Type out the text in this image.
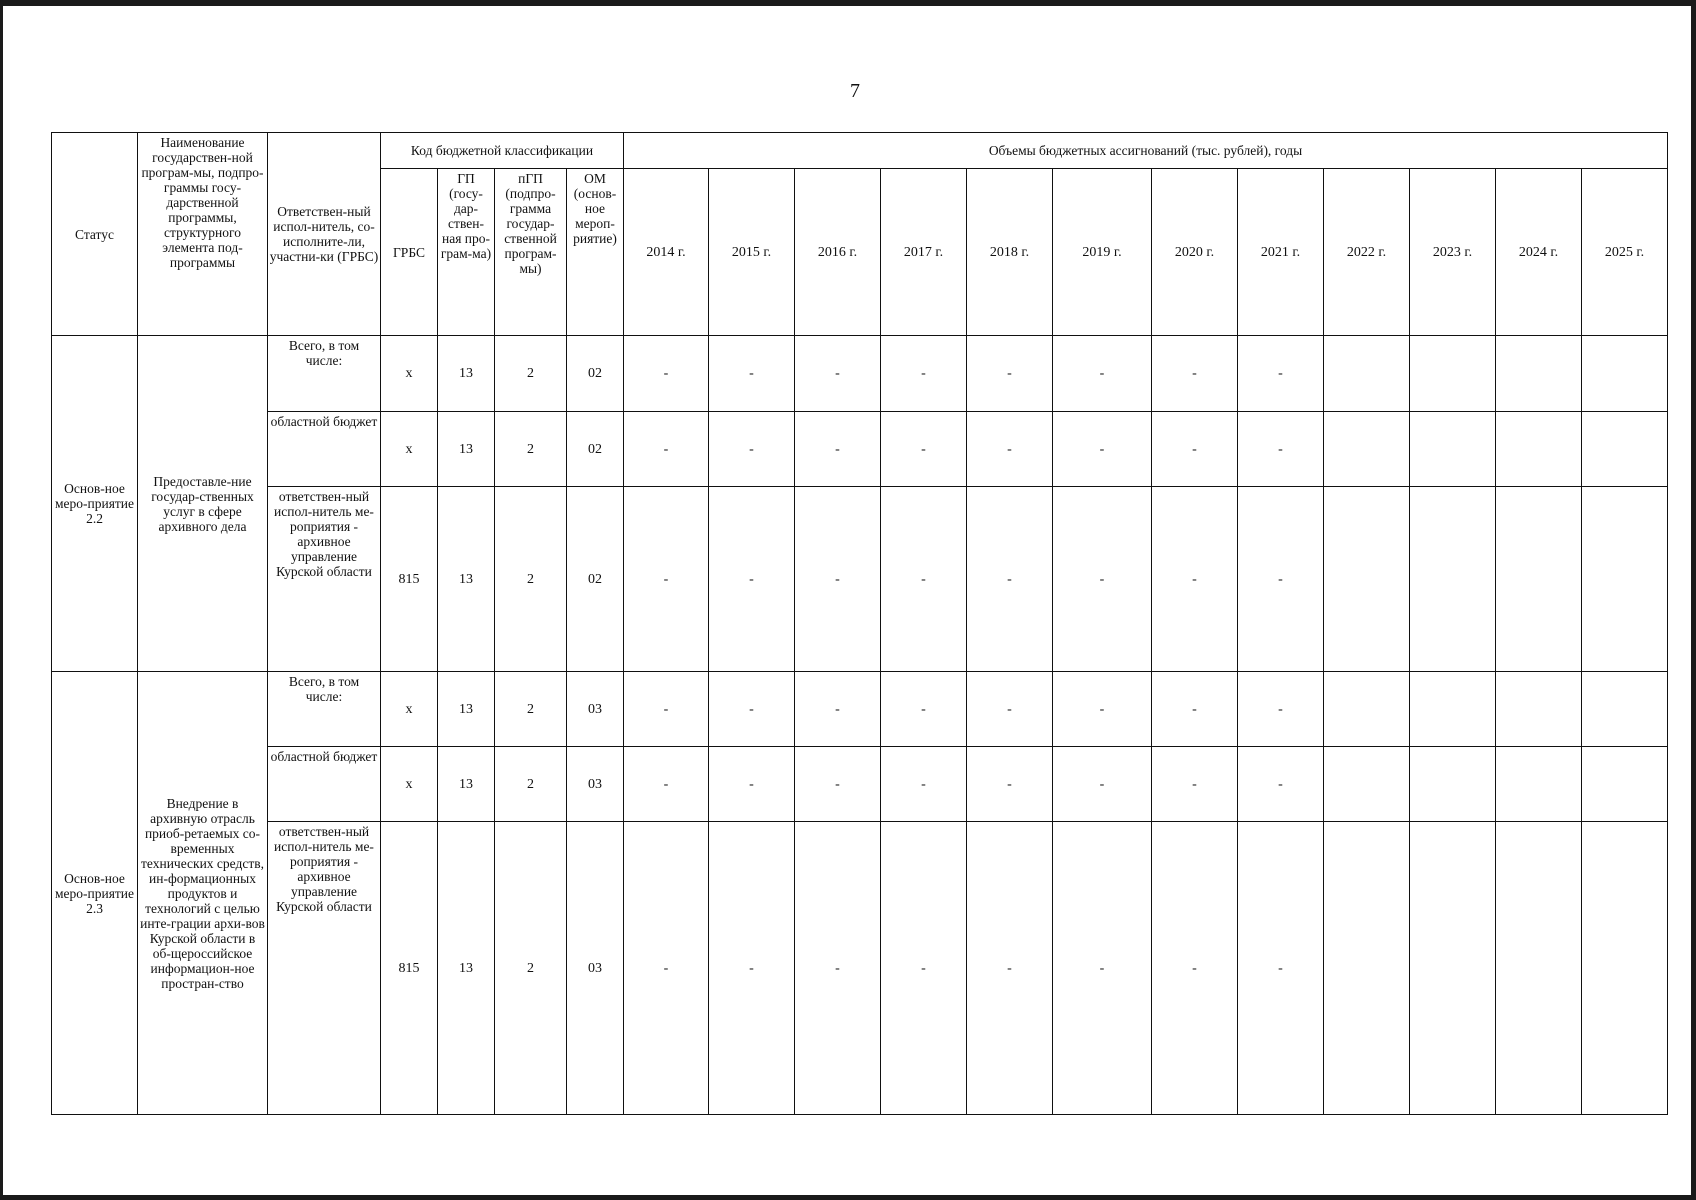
7
Статус	Наименование государствен-ной програм-мы, подпро-граммы госу-дарственной программы, структурного элемента под-программы	Ответствен-ный испол-нитель, со-исполните-ли, участни-ки (ГРБС)	Код бюджетной классификации				Объемы бюджетных ассигнований (тыс. рублей), годы											
			ГРБС	ГП (госу-дар-ствен-ная про-грам-ма)	пГП (подпро-грамма государ-ственной програм-мы)	ОМ (основ-ное мероп-риятие)	2014 г.	2015 г.	2016 г.	2017 г.	2018 г.	2019 г.	2020 г.	2021 г.	2022 г.	2023 г.	2024 г.	2025 г.
Основ-ное меро-приятие 2.2	Предоставле-ние государ-ственных услуг в сфере архивного дела	Всего, в том числе:	х	13	2	02	-	-	-	-	-	-	-	-				
		областной бюджет	х	13	2	02	-	-	-	-	-	-	-	-				
		ответствен-ный испол-нитель ме-роприятия - архивное управление Курской области	815	13	2	02	-	-	-	-	-	-	-	-				
Основ-ное меро-приятие 2.3	Внедрение в архивную отрасль приоб-ретаемых со-временных технических средств, ин-формационных продуктов и технологий с целью инте-грации архи-вов Курской области в об-щероссийское информацион-ное простран-ство	Всего, в том числе:	х	13	2	03	-	-	-	-	-	-	-	-				
		областной бюджет	х	13	2	03	-	-	-	-	-	-	-	-				
		ответствен-ный испол-нитель ме-роприятия - архивное управление Курской области	815	13	2	03	-	-	-	-	-	-	-	-				
